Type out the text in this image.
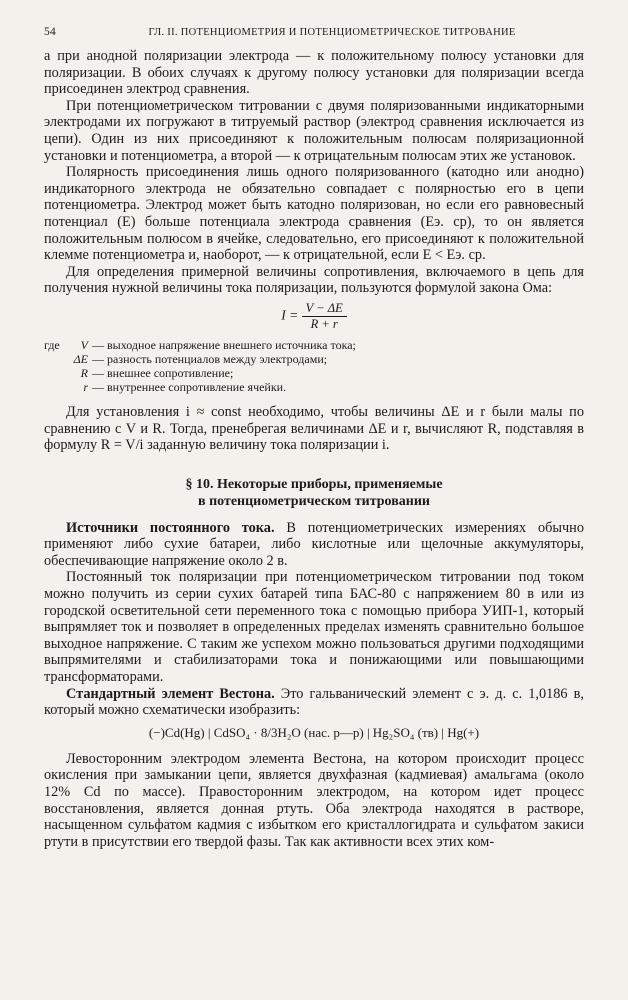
54	ГЛ. II. ПОТЕНЦИОМЕТРИЯ И ПОТЕНЦИОМЕТРИЧЕСКОЕ ТИТРОВАНИЕ

а при анодной поляризации электрода — к положительному полюсу установки для поляризации. В обоих случаях к другому полюсу установки для поляризации всегда присоединен электрод сравнения.

При потенциометрическом титровании с двумя поляризованными индикаторными электродами их погружают в титруемый раствор (электрод сравнения исключается из цепи). Один из них присоединяют к положительным полюсам поляризационной установки и потенциометра, а второй — к отрицательным полюсам этих же установок.

Полярность присоединения лишь одного поляризованного (катодно или анодно) индикаторного электрода не обязательно совпадает с полярностью его в цепи потенциометра. Электрод может быть катодно поляризован, но если его равновесный потенциал (E) больше потенциала электрода сравнения (Eэ. ср), то он является положительным полюсом в ячейке, следовательно, его присоединяют к положительной клемме потенциометра и, наоборот, — к отрицательной, если E < Eэ. ср.

Для определения примерной величины сопротивления, включаемого в цепь для получения нужной величины тока поляризации, пользуются формулой закона Ома:

$I = \frac{V - \Delta E}{R + r}$
где	V — выходное напряжение внешнего источника тока;
ΔE — разность потенциалов между электродами;
R — внешнее сопротивление;
r — внутреннее сопротивление ячейки.

Для установления i ≈ const необходимо, чтобы величины ΔE и r были малы по сравнению с V и R. Тогда, пренебрегая величинами ΔE и r, вычисляют R, подставляя в формулу R = V/i заданную величину тока поляризации i.

§ 10. Некоторые приборы, применяемые
в потенциометрическом титровании

Источники постоянного тока. В потенциометрических измерениях обычно применяют либо сухие батареи, либо кислотные или щелочные аккумуляторы, обеспечивающие напряжение около 2 в.

Постоянный ток поляризации при потенциометрическом титровании под током можно получить из серии сухих батарей типа БАС-80 с напряжением 80 в или из городской осветительной сети переменного тока с помощью прибора УИП-1, который выпрямляет ток и позволяет в определенных пределах изменять сравнительно большое выходное напряжение. С таким же успехом можно пользоваться другими подходящими выпрямителями и стабилизаторами тока и понижающими или повышающими трансформаторами.

Стандартный элемент Вестона. Это гальванический элемент с э. д. с. 1,0186 в, который можно схематически изобразить:

(−)Cd(Hg) | CdSO₄ · 8/3H₂O (нас. р—р) | Hg₂SO₄ (тв) | Hg(+)

Левосторонним электродом элемента Вестона, на котором происходит процесс окисления при замыкании цепи, является двухфазная (кадмиевая) амальгама (около 12% Cd по массе). Правосторонним электродом, на котором идет процесс восстановления, является донная ртуть. Оба электрода находятся в растворе, насыщенном сульфатом кадмия с избытком его кристаллогидрата и сульфатом закиси ртути в присутствии его твердой фазы. Так как активности всех этих ком-
